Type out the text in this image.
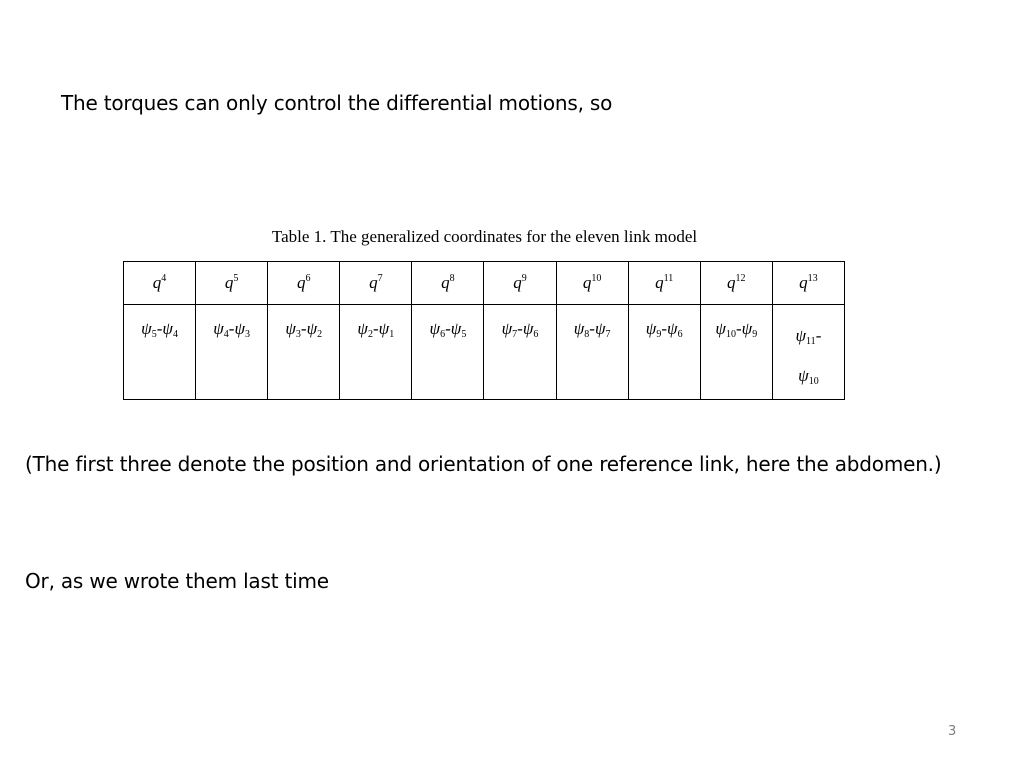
The torques can only control the differential motions, so
Table 1. The generalized coordinates for the eleven link model
$q^4$	$q^5$	$q^6$	$q^7$	$q^8$	$q^9$	$q^{10}$	$q^{11}$	$q^{12}$	$q^{13}$
$\psi_5-\psi_4$	$\psi_4-\psi_3$	$\psi_3-\psi_2$	$\psi_2-\psi_1$	$\psi_6-\psi_5$	$\psi_7-\psi_6$	$\psi_8-\psi_7$	$\psi_9-\psi_6$	$\psi_{10}-\psi_9$	$\psi_{11}-$
$\psi_{10}$
(The first three denote the position and orientation of one reference link, here the abdomen.)
Or, as we wrote them last time
3
